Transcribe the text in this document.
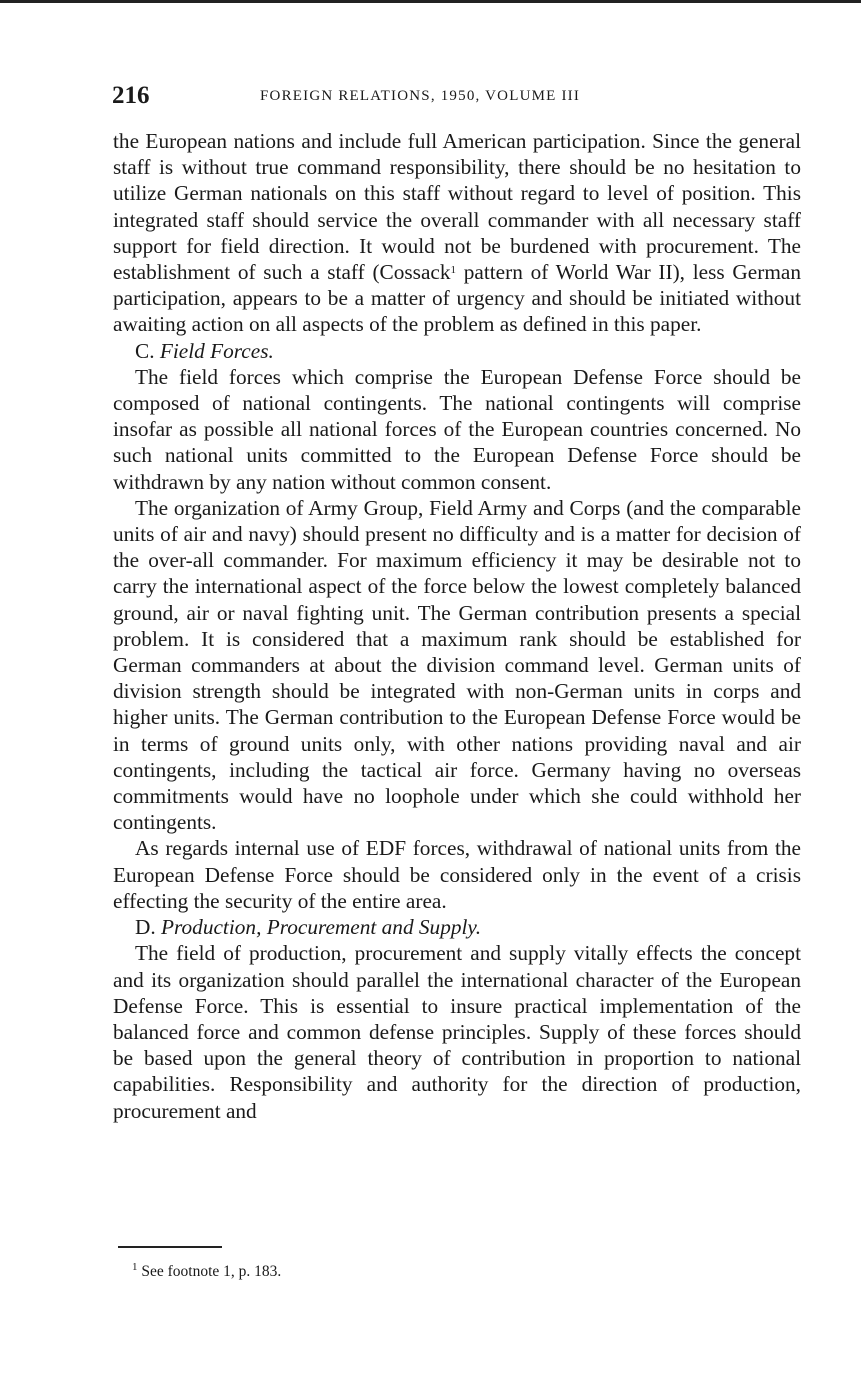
216	FOREIGN RELATIONS, 1950, VOLUME III

the European nations and include full American participation. Since the general staff is without true command responsibility, there should be no hesitation to utilize German nationals on this staff without regard to level of position. This integrated staff should service the overall commander with all necessary staff support for field direction. It would not be burdened with procurement. The establishment of such a staff (Cossack$^1$ pattern of World War II), less German participation, appears to be a matter of urgency and should be initiated without awaiting action on all aspects of the problem as defined in this paper.

C. Field Forces.

The field forces which comprise the European Defense Force should be composed of national contingents. The national contingents will comprise insofar as possible all national forces of the European countries concerned. No such national units committed to the European Defense Force should be withdrawn by any nation without common consent.

The organization of Army Group, Field Army and Corps (and the comparable units of air and navy) should present no difficulty and is a matter for decision of the over-all commander. For maximum efficiency it may be desirable not to carry the international aspect of the force below the lowest completely balanced ground, air or naval fighting unit. The German contribution presents a special problem. It is considered that a maximum rank should be established for German commanders at about the division command level. German units of division strength should be integrated with non-German units in corps and higher units. The German contribution to the European Defense Force would be in terms of ground units only, with other nations providing naval and air contingents, including the tactical air force. Germany having no overseas commitments would have no loophole under which she could withhold her contingents.

As regards internal use of EDF forces, withdrawal of national units from the European Defense Force should be considered only in the event of a crisis effecting the security of the entire area.

D. Production, Procurement and Supply.

The field of production, procurement and supply vitally effects the concept and its organization should parallel the international character of the European Defense Force. This is essential to insure practical implementation of the balanced force and common defense principles. Supply of these forces should be based upon the general theory of contribution in proportion to national capabilities. Responsibility and authority for the direction of production, procurement and

$^1$ See footnote 1, p. 183.
